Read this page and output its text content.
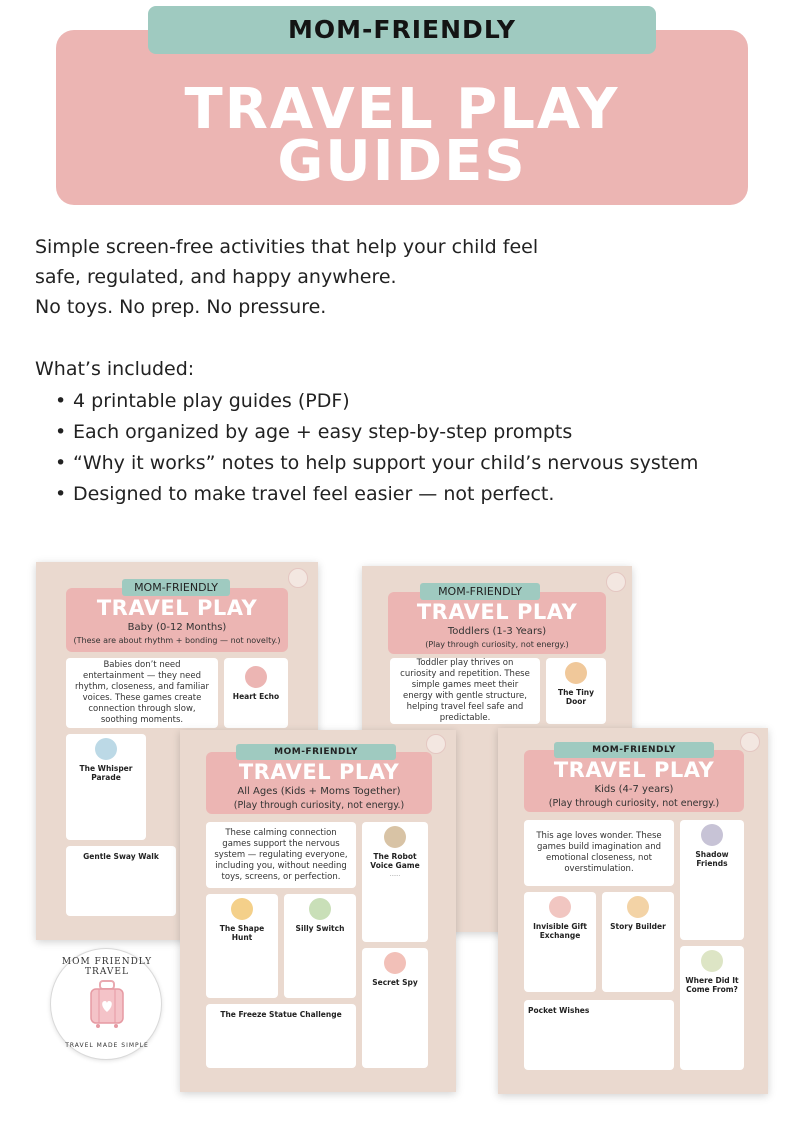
MOM-FRIENDLY
TRAVEL PLAY
GUIDES

Simple screen-free activities that help your child feel

safe, regulated, and happy anywhere.

No toys. No prep. No pressure.

What’s included:

• 4 printable play guides (PDF)
• Each organized by age + easy step-by-step prompts
• “Why it works” notes to help support your child’s nervous system
• Designed to make travel feel easier — not perfect.
MOM-FRIENDLY
TRAVEL PLAY
Baby (0-12 Months)
(These are about rhythm + bonding — not novelty.)
Babies don’t need entertainment — they need rhythm, closeness, and familiar voices. These games create connection through slow, soothing moments.
Heart Echo
The Whisper Parade
Gentle Sway Walk
MOM-FRIENDLY
TRAVEL PLAY
Toddlers (1-3 Years)
(Play through curiosity, not energy.)
Toddler play thrives on curiosity and repetition. These simple games meet their energy with gentle structure, helping travel feel safe and predictable.
The Tiny Door
MOM-FRIENDLY
TRAVEL PLAY
All Ages (Kids + Moms Together)
(Play through curiosity, not energy.)
These calming connection games support the nervous system — regulating everyone, including you, without needing toys, screens, or perfection.
The Robot Voice Game
……
The Shape Hunt
Silly Switch
Secret Spy
The Freeze Statue Challenge
MOM-FRIENDLY
TRAVEL PLAY
Kids (4-7 years)
(Play through curiosity, not energy.)
This age loves wonder. These games build imagination and emotional closeness, not overstimulation.
Shadow Friends
Invisible Gift Exchange
Story Builder
Where Did It Come From?
Pocket Wishes
MOM FRIENDLY TRAVEL
TRAVEL MADE SIMPLE
